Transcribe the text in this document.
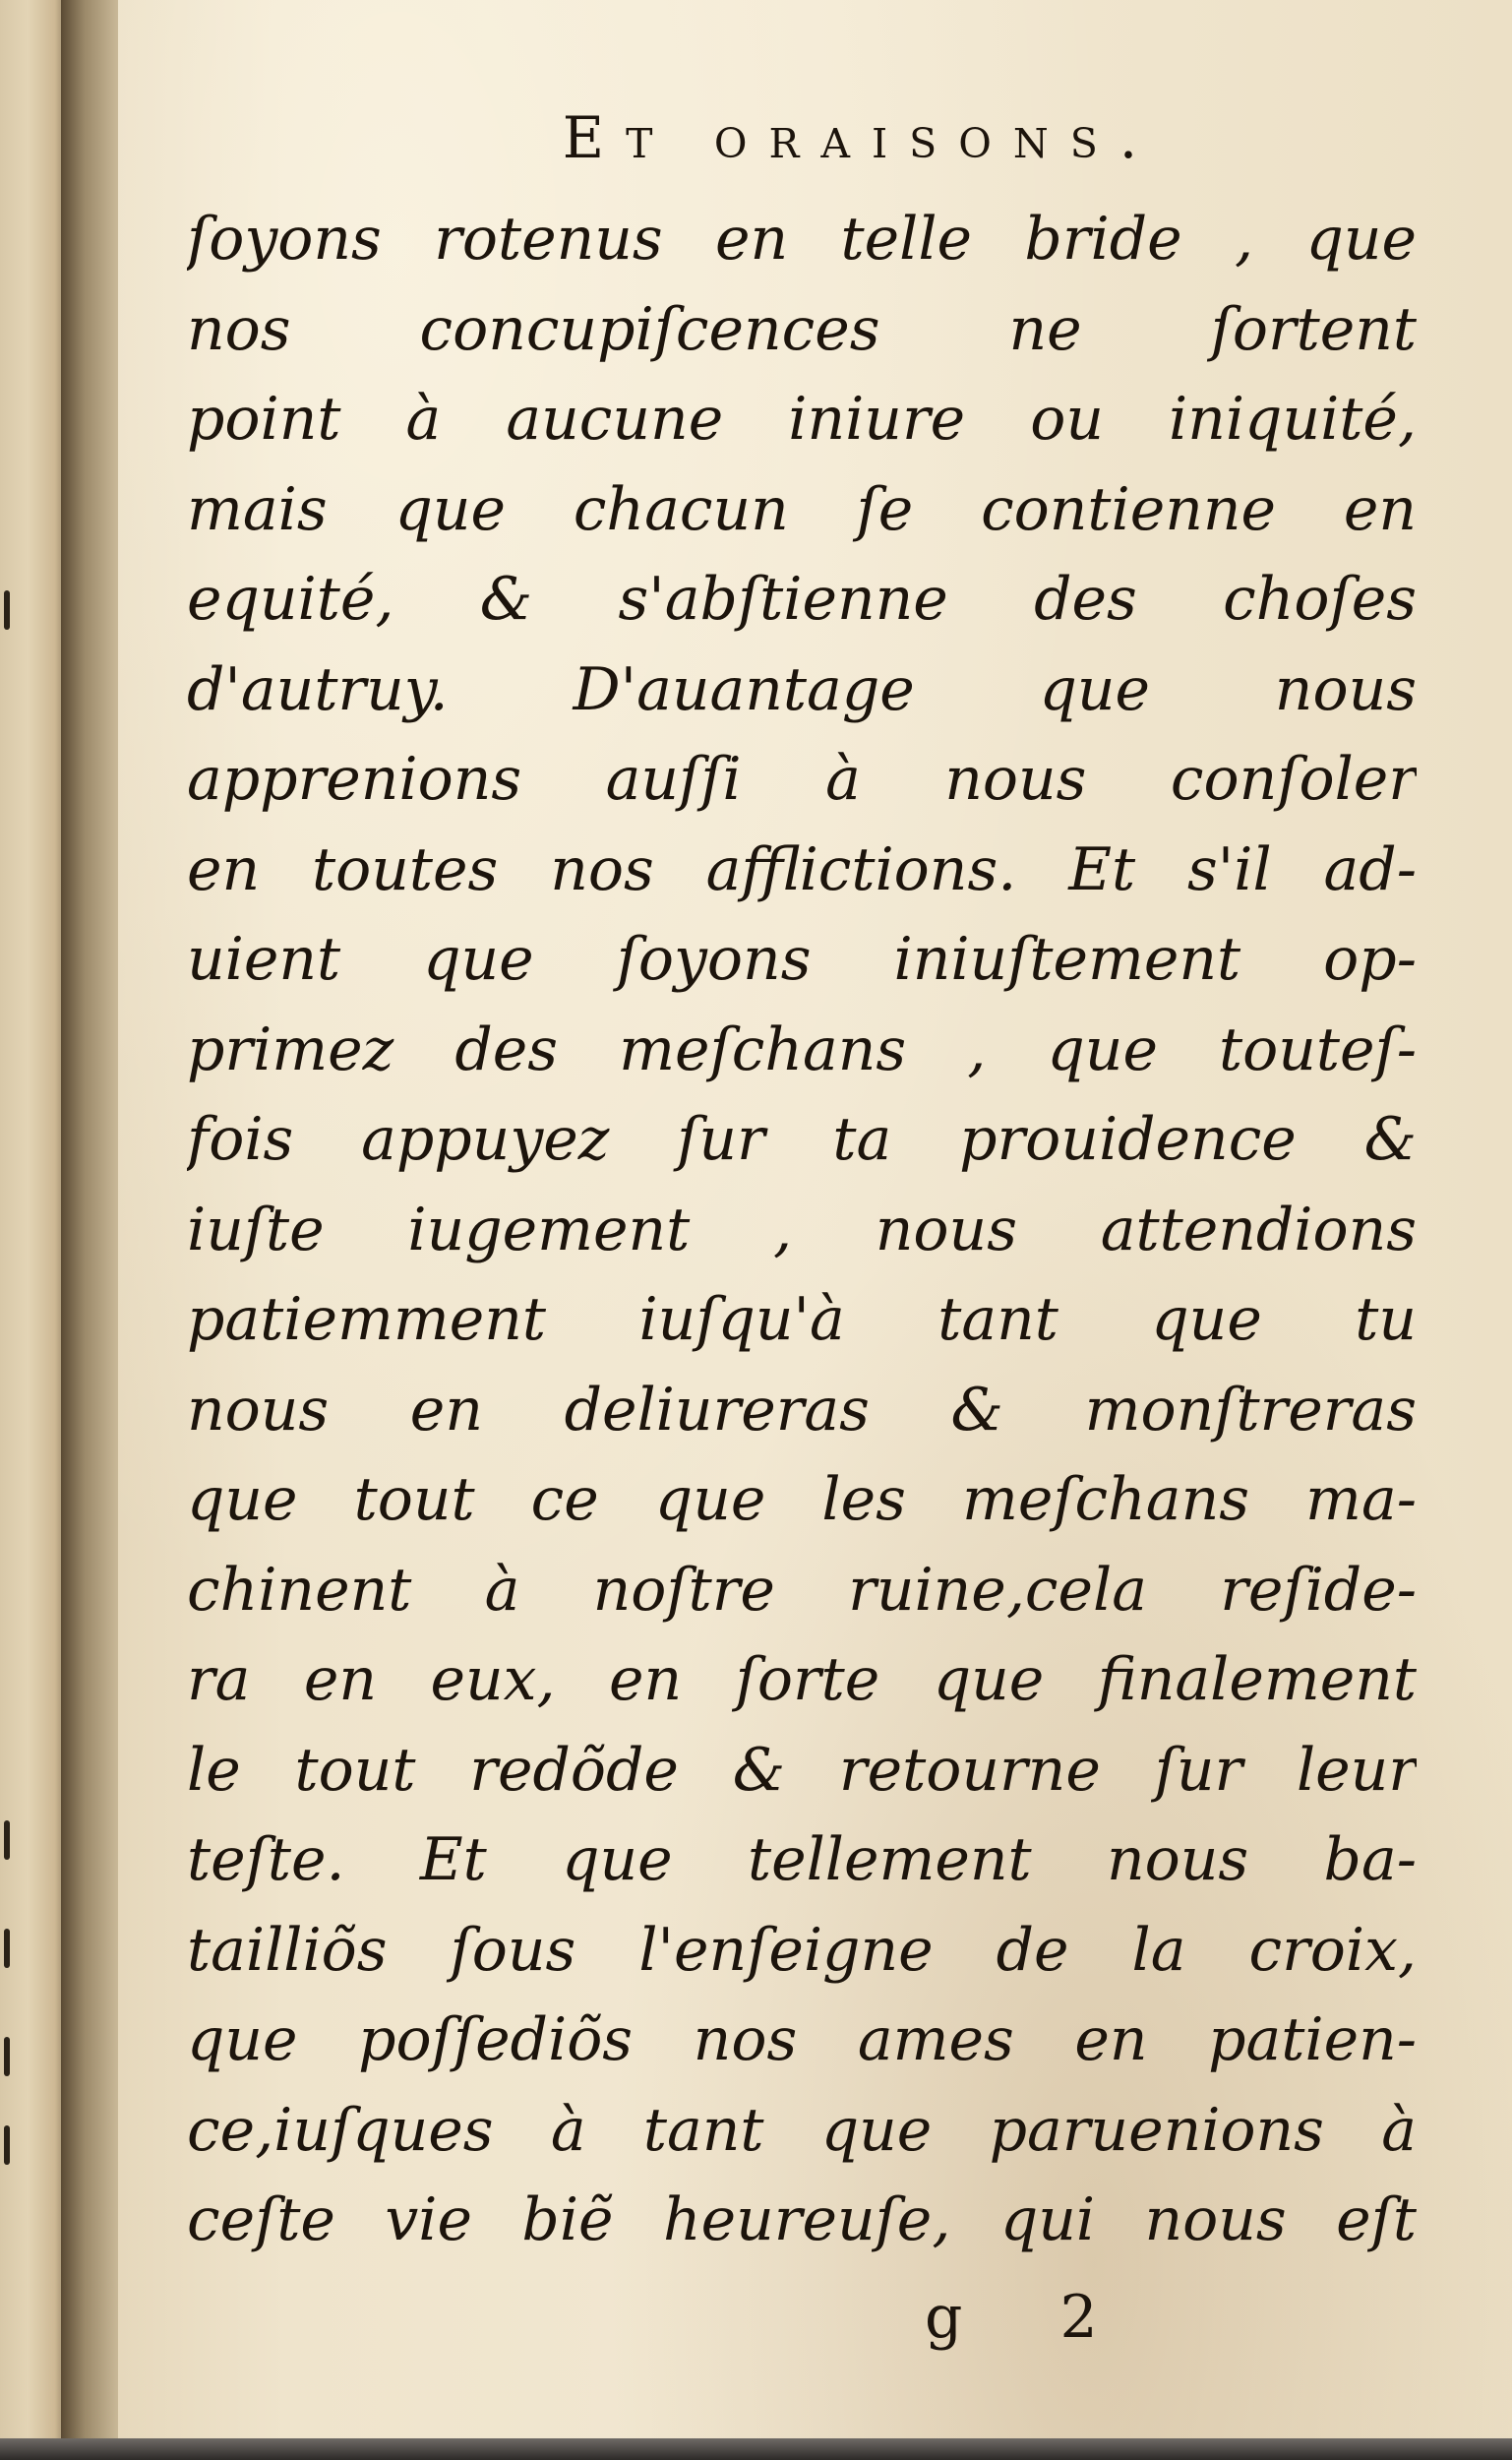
Et oraisons.
ſoyons rotenus en telle bride , que
nos concupiſcences ne ſortent
point à aucune iniure ou iniquité,
mais que chacun ſe contienne en
equité, & s'abſtienne des choſes
d'autruy. D'auantage que nous
apprenions auſſi à nous conſoler
en toutes nos afflictions. Et s'il ad-
uient que ſoyons iniuſtement op-
primez des meſchans , que touteſ-
fois appuyez ſur ta prouidence &
iuſte iugement , nous attendions
patiemment iuſqu'à tant que tu
nous en deliureras & monſtreras
que tout ce que les meſchans ma-
chinent à noſtre ruine,cela reſide-
ra en eux, en ſorte que finalement
le tout redõde & retourne ſur leur
teſte. Et que tellement nous ba-
tailliõs ſous l'enſeigne de la croix,
que poſſediõs nos ames en patien-
ce,iuſques à tant que paruenions à
ceſte vie biẽ heureuſe, qui nous eſt
g 2
